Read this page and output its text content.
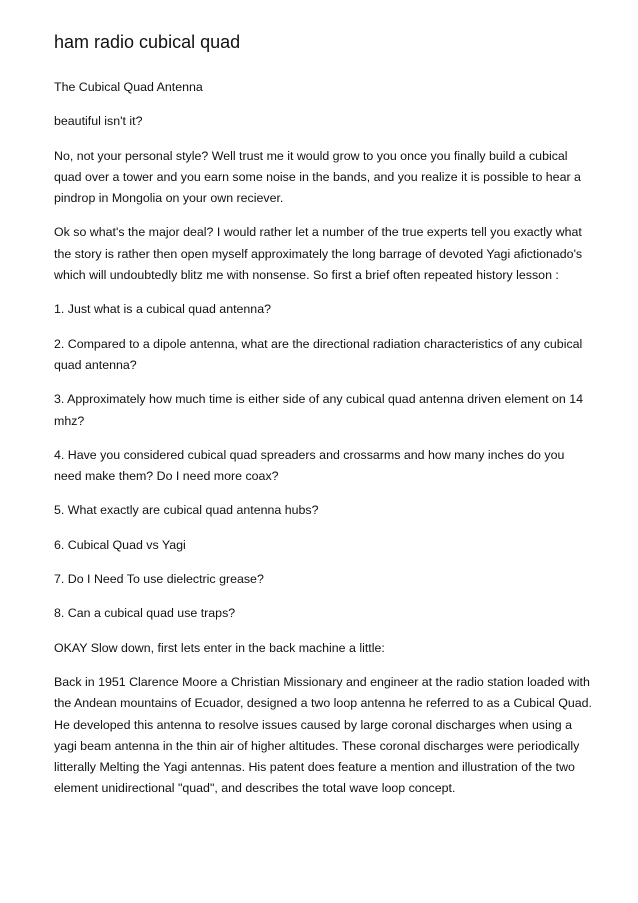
ham radio cubical quad

The Cubical Quad Antenna

beautiful isn't it?

No, not your personal style? Well trust me it would grow to you once you finally build a cubical quad over a tower and you earn some noise in the bands, and you realize it is possible to hear a pindrop in Mongolia on your own reciever.

Ok so what's the major deal? I would rather let a number of the true experts tell you exactly what the story is rather then open myself approximately the long barrage of devoted Yagi afictionado's which will undoubtedly blitz me with nonsense. So first a brief often repeated history lesson :

1. Just what is a cubical quad antenna?

2. Compared to a dipole antenna, what are the directional radiation characteristics of any cubical quad antenna?

3. Approximately how much time is either side of any cubical quad antenna driven element on 14 mhz?

4. Have you considered cubical quad spreaders and crossarms and how many inches do you need make them? Do I need more coax?

5. What exactly are cubical quad antenna hubs?

6. Cubical Quad vs Yagi

7. Do I Need To use dielectric grease?

8. Can a cubical quad use traps?

OKAY Slow down, first lets enter in the back machine a little:

Back in 1951 Clarence Moore a Christian Missionary and engineer at the radio station loaded with the Andean mountains of Ecuador, designed a two loop antenna he referred to as a Cubical Quad. He developed this antenna to resolve issues caused by large coronal discharges when using a yagi beam antenna in the thin air of higher altitudes. These coronal discharges were periodically litterally Melting the Yagi antennas. His patent does feature a mention and illustration of the two element unidirectional "quad", and describes the total wave loop concept.
